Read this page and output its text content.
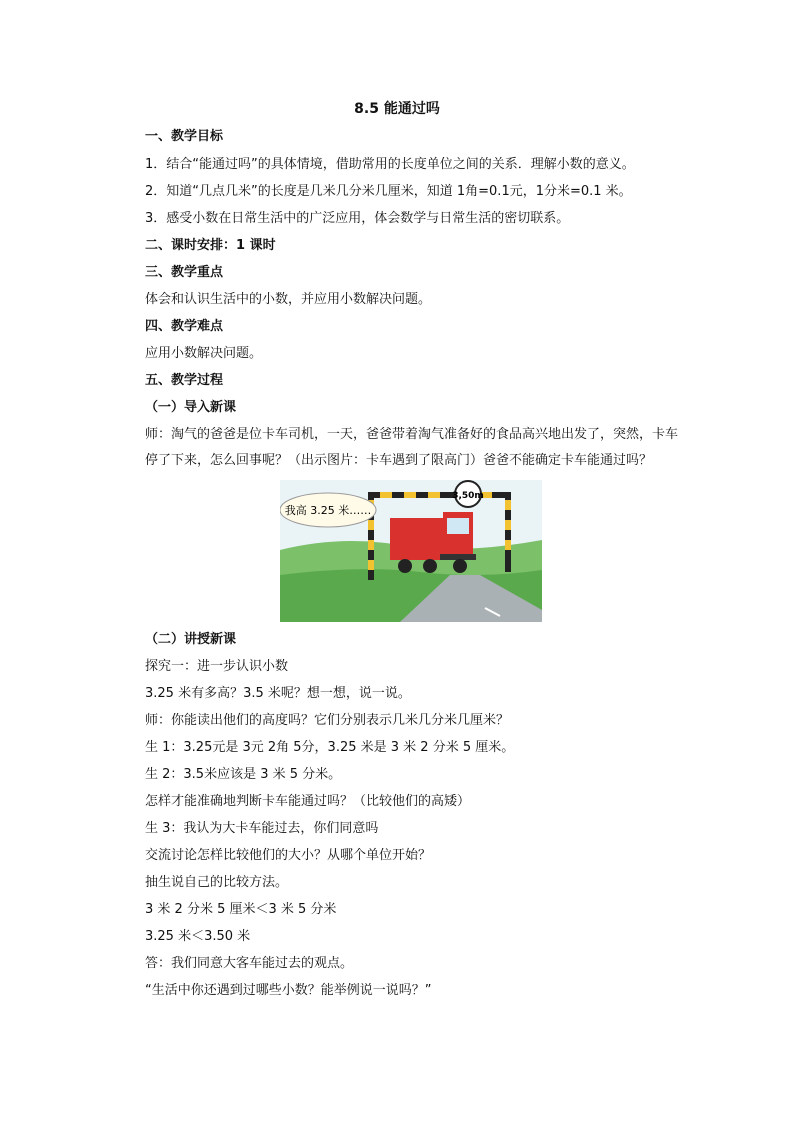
8.5 能通过吗
一、教学目标
1．结合“能通过吗”的具体情境，借助常用的长度单位之间的关系．理解小数的意义。
2．知道“几点几米”的长度是几米几分米几厘米，知道 1角=0.1元，1分米=0.1 米。
3．感受小数在日常生活中的广泛应用，体会数学与日常生活的密切联系。
二、课时安排：1 课时
三、教学重点
体会和认识生活中的小数，并应用小数解决问题。
四、教学难点
应用小数解决问题。
五、教学过程
（一）导入新课
师：淘气的爸爸是位卡车司机，一天，爸爸带着淘气准备好的食品高兴地出发了，突然，卡车停了下来，怎么回事呢？（出示图片：卡车遇到了限高门）爸爸不能确定卡车能通过吗？
3,50m
我高 3.25 米……
（二）讲授新课
探究一：进一步认识小数
3.25 米有多高？3.5 米呢？想一想，说一说。
师：你能读出他们的高度吗？它们分别表示几米几分米几厘米？
生 1：3.25元是 3元 2角 5分，3.25 米是 3 米 2 分米 5 厘米。
生 2：3.5米应该是 3 米 5 分米。
怎样才能准确地判断卡车能通过吗？（比较他们的高矮）
生 3：我认为大卡车能过去，你们同意吗
交流讨论怎样比较他们的大小？从哪个单位开始？
抽生说自己的比较方法。
3 米 2 分米 5 厘米＜3 米 5 分米
3.25 米＜3.50 米
答：我们同意大客车能过去的观点。
“生活中你还遇到过哪些小数？能举例说一说吗？”
